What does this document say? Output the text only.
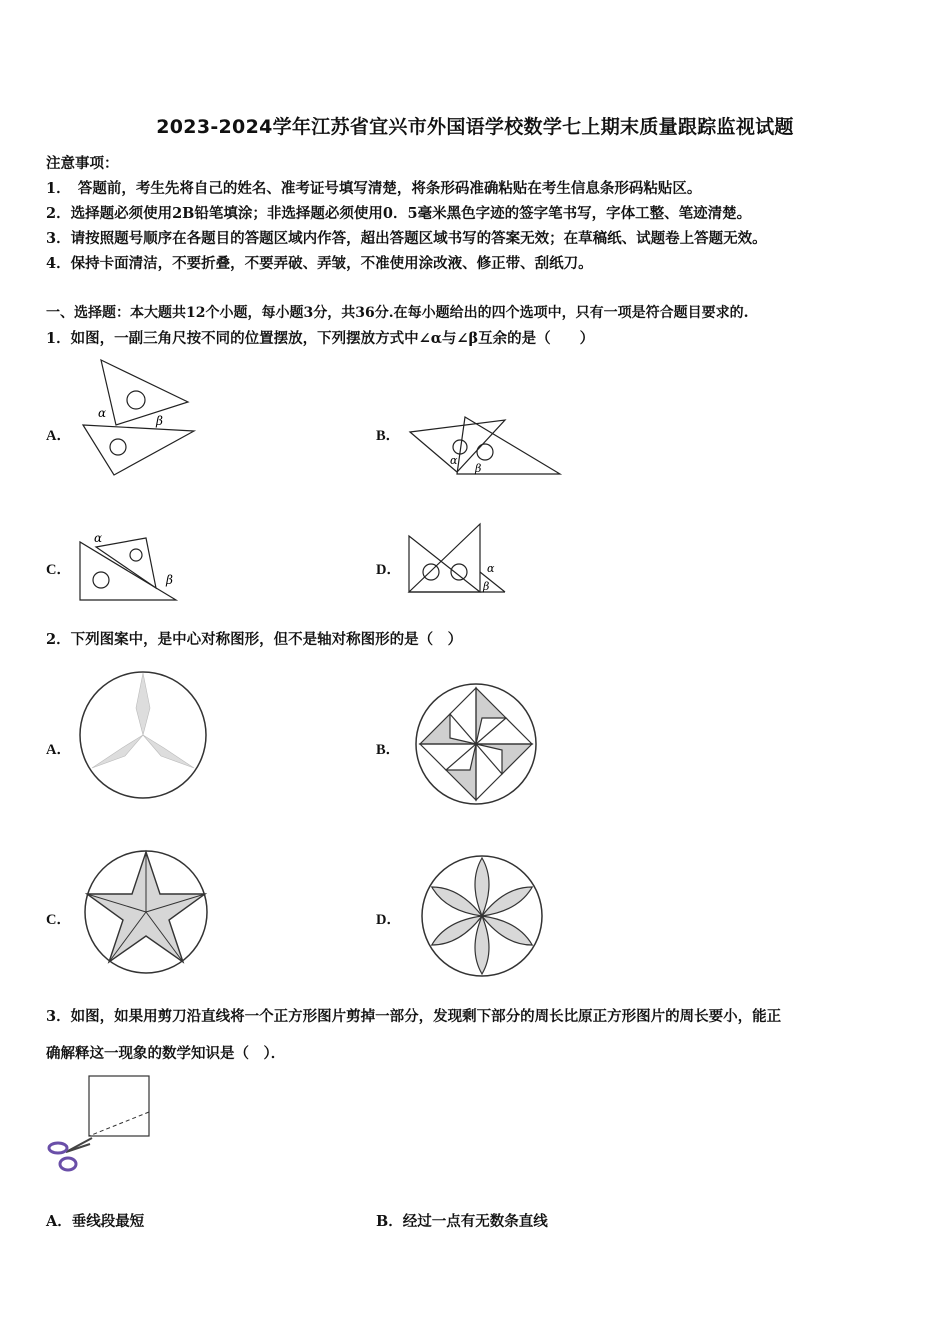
2023-2024学年江苏省宜兴市外国语学校数学七上期末质量跟踪监视试题
注意事项：
1．　答题前，考生先将自己的姓名、准考证号填写清楚，将条形码准确粘贴在考生信息条形码粘贴区。
2．选择题必须使用2B铅笔填涂；非选择题必须使用0．5毫米黑色字迹的签字笔书写，字体工整、笔迹清楚。
3．请按照题号顺序在各题目的答题区域内作答，超出答题区域书写的答案无效；在草稿纸、试题卷上答题无效。
4．保持卡面清洁，不要折叠，不要弄破、弄皱，不准使用涂改液、修正带、刮纸刀。
一、选择题：本大题共12个小题，每小题3分，共36分.在每小题给出的四个选项中，只有一项是符合题目要求的.
1．如图，一副三角尺按不同的位置摆放，下列摆放方式中∠α与∠β互余的是（　　）
A．
α
β
B．
α
β
C．
α
β
D．	α
β
2．下列图案中，是中心对称图形，但不是轴对称图形的是（　）
A．	B．
C．	D．
3．如图，如果用剪刀沿直线将一个正方形图片剪掉一部分，发现剩下部分的周长比原正方形图片的周长要小，能正
确解释这一现象的数学知识是（　）．
A．垂线段最短	B．经过一点有无数条直线
